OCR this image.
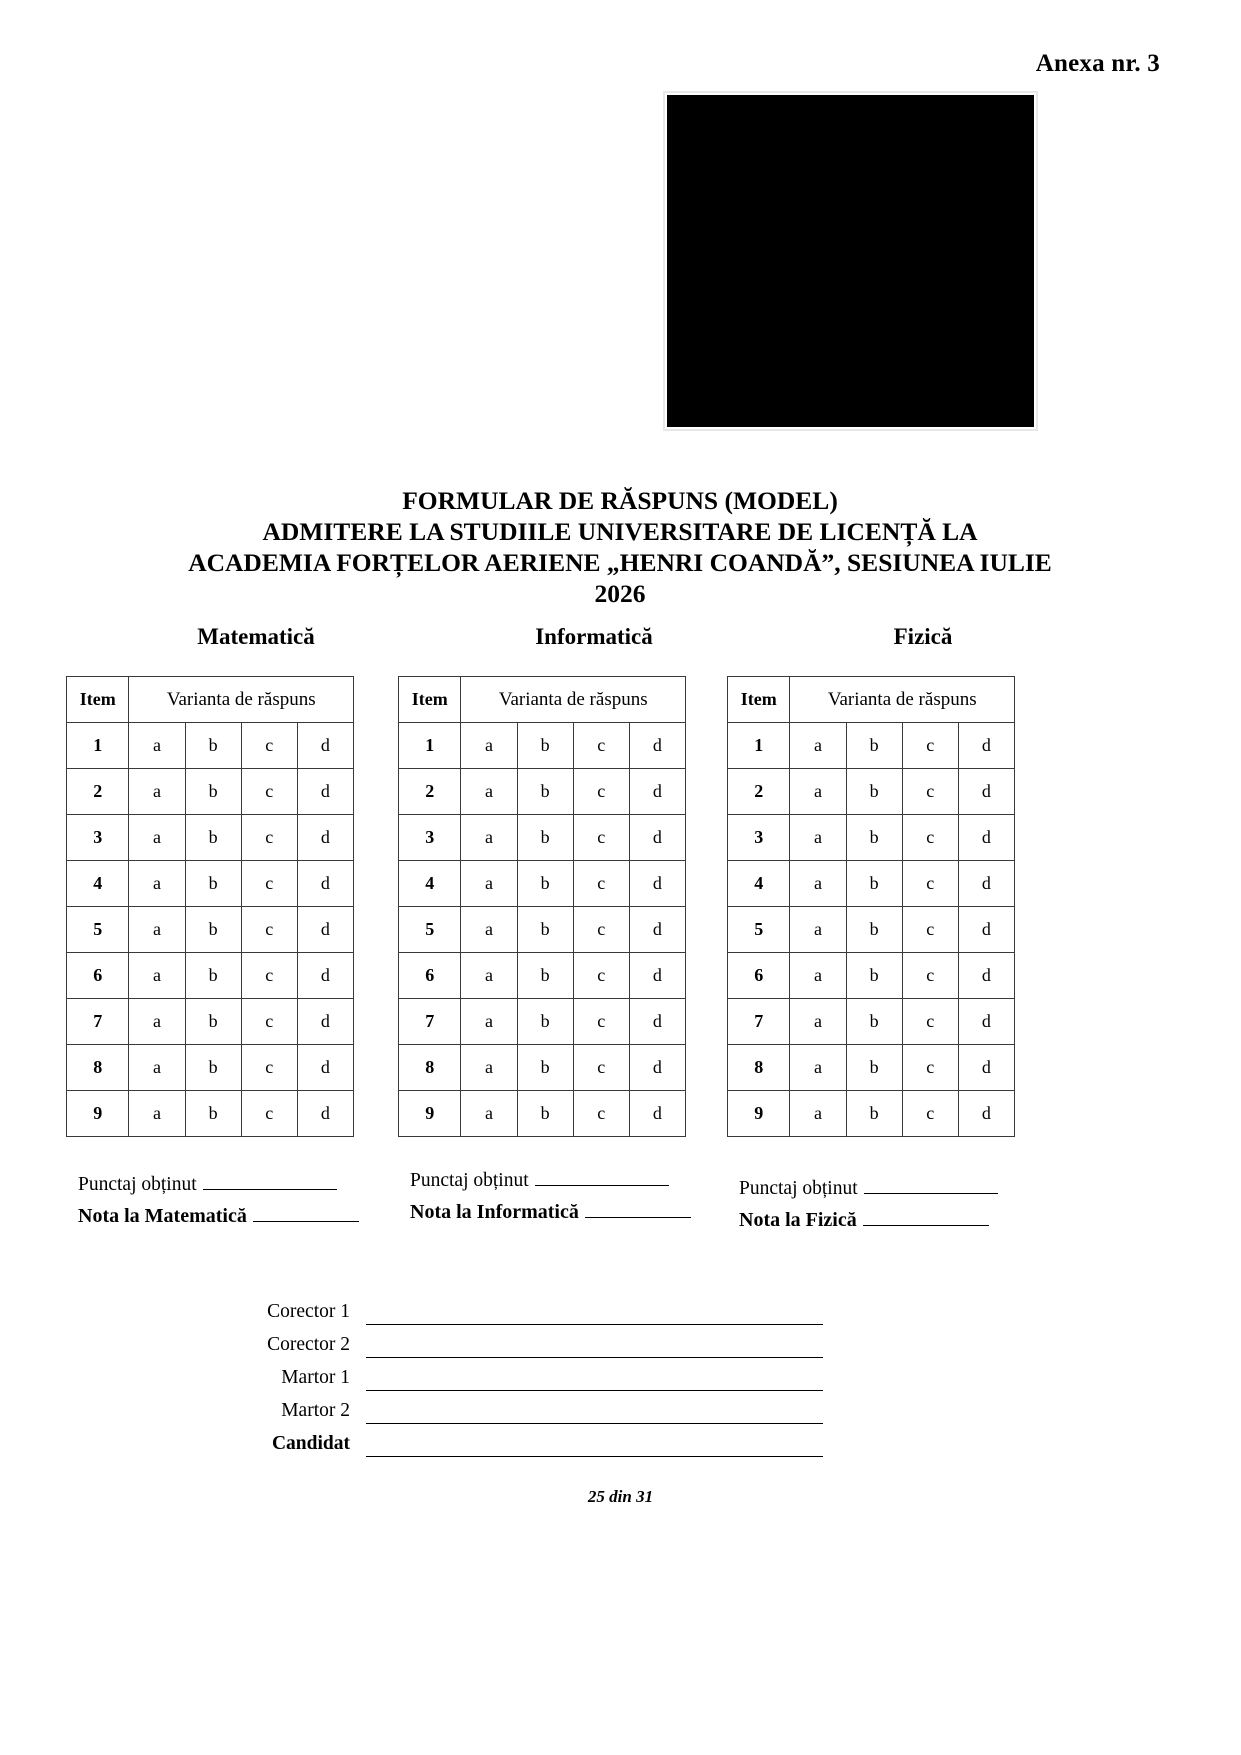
Anexa nr. 3
FORMULAR DE RĂSPUNS (MODEL)
ADMITERE LA STUDIILE UNIVERSITARE DE LICENȚĂ LA
ACADEMIA FORȚELOR AERIENE „HENRI COANDĂ”, SESIUNEA IULIE
2026
Matematică	Informatică	Fizică
Item	Varianta de răspuns			
1	a	b	c	d
2	a	b	c	d
3	a	b	c	d
4	a	b	c	d
5	a	b	c	d
6	a	b	c	d
7	a	b	c	d
8	a	b	c	d
9	a	b	c	d
Item	Varianta de răspuns			
1	a	b	c	d
2	a	b	c	d
3	a	b	c	d
4	a	b	c	d
5	a	b	c	d
6	a	b	c	d
7	a	b	c	d
8	a	b	c	d
9	a	b	c	d
Item	Varianta de răspuns			
1	a	b	c	d
2	a	b	c	d
3	a	b	c	d
4	a	b	c	d
5	a	b	c	d
6	a	b	c	d
7	a	b	c	d
8	a	b	c	d
9	a	b	c	d
Punctaj obținut
Nota la Matematică
Punctaj obținut
Nota la Informatică
Punctaj obținut
Nota la Fizică
Corector 1
Corector 2
Martor 1
Martor 2
Candidat
25 din 31
